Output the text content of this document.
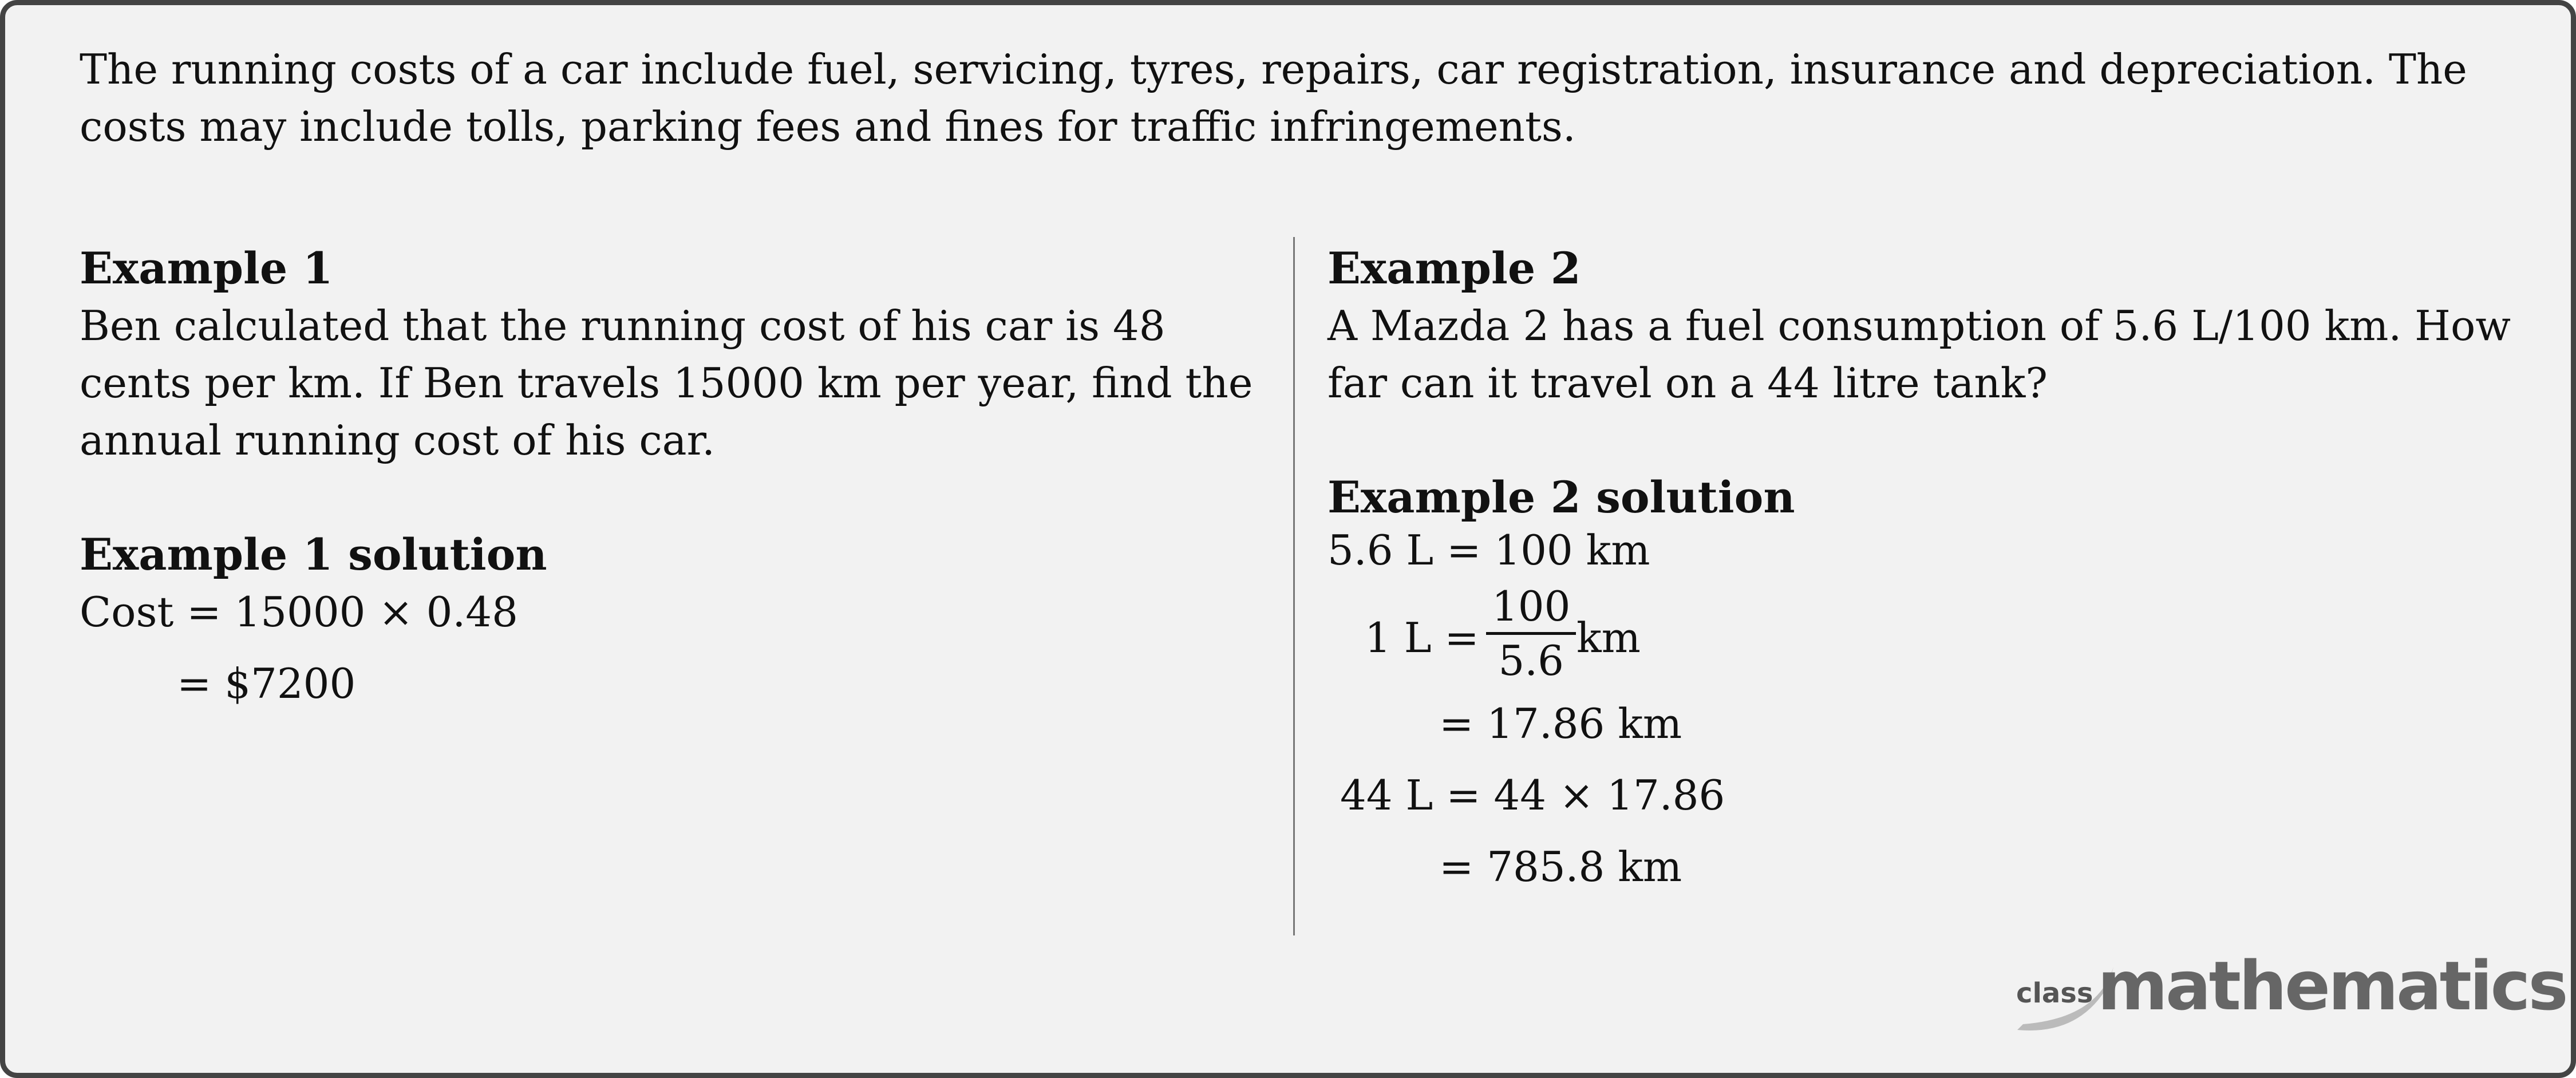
The running costs of a car include fuel, servicing, tyres, repairs, car registration, insurance and depreciation. The costs may include tolls, parking fees and fines for traffic infringements.

Example 1

Ben calculated that the running cost of his car is 48 cents per km. If Ben travels 15000 km per year, find the annual running cost of his car.

Example 1 solution

Cost = 15000 × 0.48
= $7200

Example 2

A Mazda 2 has a fuel consumption of 5.6 L/100 km. How far can it travel on a 44 litre tank?

Example 2 solution

5.6 L = 100 km
1 $L = \frac{100}{5.6}$ km
= 17.86 km
44 L = 44 × 17.86
= 785.8 km
class mathematics
